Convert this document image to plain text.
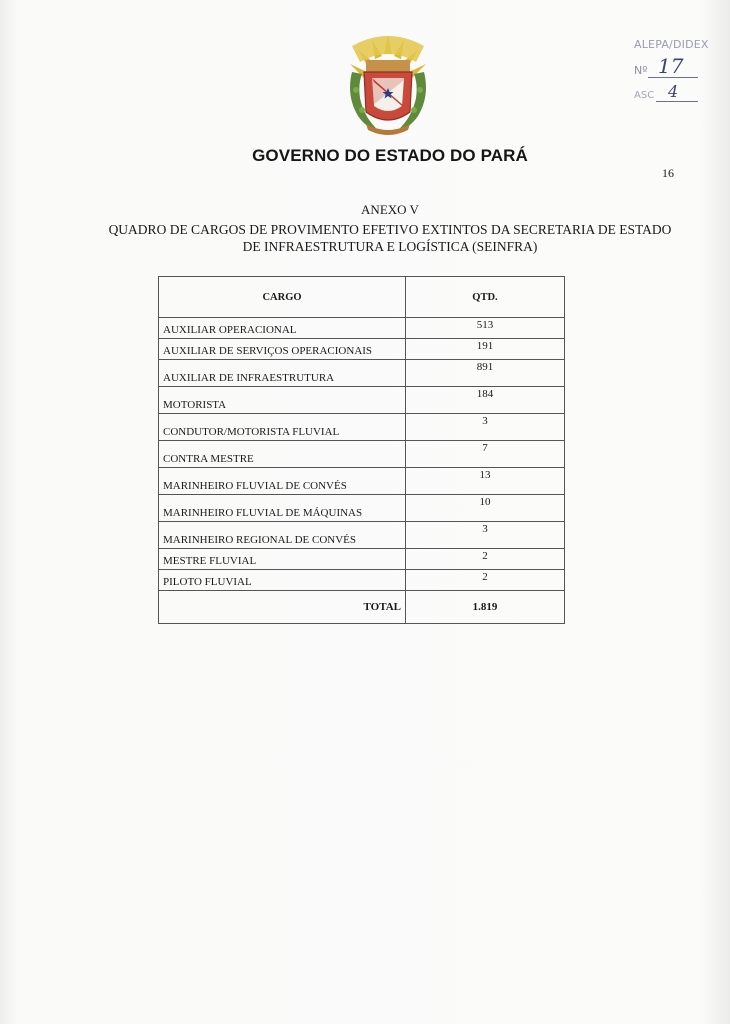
ALEPA/DIDEX
Nº 17
ASC 4
GOVERNO DO ESTADO DO PARÁ
16
ANEXO V
QUADRO DE CARGOS DE PROVIMENTO EFETIVO EXTINTOS DA SECRETARIA DE ESTADO DE INFRAESTRUTURA E LOGÍSTICA (SEINFRA)
CARGO	QTD.
AUXILIAR OPERACIONAL	513
AUXILIAR DE SERVIÇOS OPERACIONAIS	191
AUXILIAR DE INFRAESTRUTURA	891
MOTORISTA	184
CONDUTOR/MOTORISTA FLUVIAL	3
CONTRA MESTRE	7
MARINHEIRO FLUVIAL DE CONVÉS	13
MARINHEIRO FLUVIAL DE MÁQUINAS	10
MARINHEIRO REGIONAL DE CONVÉS	3
MESTRE FLUVIAL	2
PILOTO FLUVIAL	2
TOTAL	1.819
